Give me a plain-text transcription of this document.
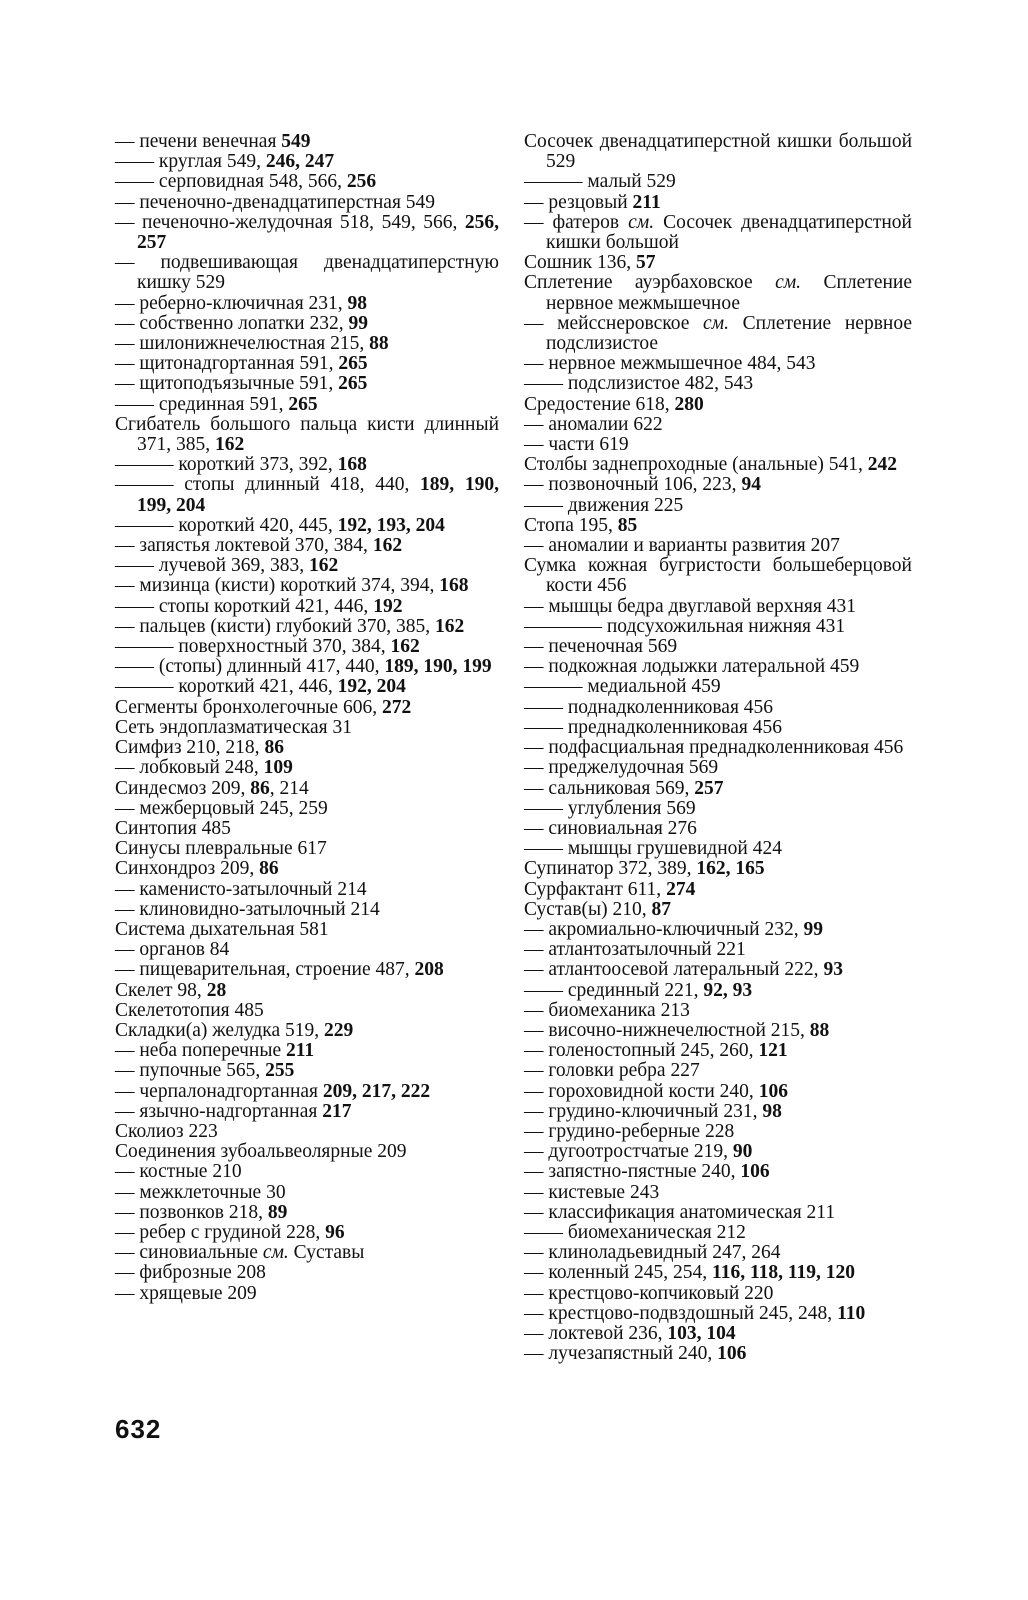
— печени венечная 549
—— круглая 549, 246, 247
—— серповидная 548, 566, 256
— печеночно-двенадцатиперстная 549
— печеночно-желудочная 518, 549, 566, 256, 257
— подвешивающая двенадцатиперстную кишку 529
— реберно-ключичная 231, 98
— собственно лопатки 232, 99
— шилонижнечелюстная 215, 88
— щитонадгортанная 591, 265
— щитоподъязычные 591, 265
—— срединная 591, 265
Сгибатель большого пальца кисти длинный 371, 385, 162
——— короткий 373, 392, 168
——— стопы длинный 418, 440, 189, 190, 199, 204
——— короткий 420, 445, 192, 193, 204
— запястья локтевой 370, 384, 162
—— лучевой 369, 383, 162
— мизинца (кисти) короткий 374, 394, 168
—— стопы короткий 421, 446, 192
— пальцев (кисти) глубокий 370, 385, 162
——— поверхностный 370, 384, 162
—— (стопы) длинный 417, 440, 189, 190, 199
——— короткий 421, 446, 192, 204
Сегменты бронхолегочные 606, 272
Сеть эндоплазматическая 31
Симфиз 210, 218, 86
— лобковый 248, 109
Синдесмоз 209, 86, 214
— межберцовый 245, 259
Синтопия 485
Синусы плевральные 617
Синхондроз 209, 86
— каменисто-затылочный 214
— клиновидно-затылочный 214
Система дыхательная 581
— органов 84
— пищеварительная, строение 487, 208
Скелет 98, 28
Скелетотопия 485
Складки(а) желудка 519, 229
— неба поперечные 211
— пупочные 565, 255
— черпалонадгортанная 209, 217, 222
— язычно-надгортанная 217
Сколиоз 223
Соединения зубоальвеолярные 209
— костные 210
— межклеточные 30
— позвонков 218, 89
— ребер с грудиной 228, 96
— синовиальные см. Суставы
— фиброзные 208
— хрящевые 209
Сосочек двенадцатиперстной кишки большой 529
——— малый 529
— резцовый 211
— фатеров см. Сосочек двенадцатиперстной кишки большой
Сошник 136, 57
Сплетение ауэрбаховское см. Сплетение нервное межмышечное
— мейсснеровское см. Сплетение нервное подслизистое
— нервное межмышечное 484, 543
—— подслизистое 482, 543
Средостение 618, 280
— аномалии 622
— части 619
Столбы заднепроходные (анальные) 541, 242
— позвоночный 106, 223, 94
—— движения 225
Стопа 195, 85
— аномалии и варианты развития 207
Сумка кожная бугристости большеберцовой кости 456
— мышцы бедра двуглавой верхняя 431
———— подсухожильная нижняя 431
— печеночная 569
— подкожная лодыжки латеральной 459
——— медиальной 459
—— поднадколенниковая 456
—— преднадколенниковая 456
— подфасциальная преднадколенниковая 456
— преджелудочная 569
— сальниковая 569, 257
—— углубления 569
— синовиальная 276
—— мышцы грушевидной 424
Супинатор 372, 389, 162, 165
Сурфактант 611, 274
Сустав(ы) 210, 87
— акромиально-ключичный 232, 99
— атлантозатылочный 221
— атлантоосевой латеральный 222, 93
—— срединный 221, 92, 93
— биомеханика 213
— височно-нижнечелюстной 215, 88
— голеностопный 245, 260, 121
— головки ребра 227
— гороховидной кости 240, 106
— грудино-ключичный 231, 98
— грудино-реберные 228
— дугоотростчатые 219, 90
— запястно-пястные 240, 106
— кистевые 243
— классификация анатомическая 211
—— биомеханическая 212
— клиноладьевидный 247, 264
— коленный 245, 254, 116, 118, 119, 120
— крестцово-копчиковый 220
— крестцово-подвздошный 245, 248, 110
— локтевой 236, 103, 104
— лучезапястный 240, 106
632
